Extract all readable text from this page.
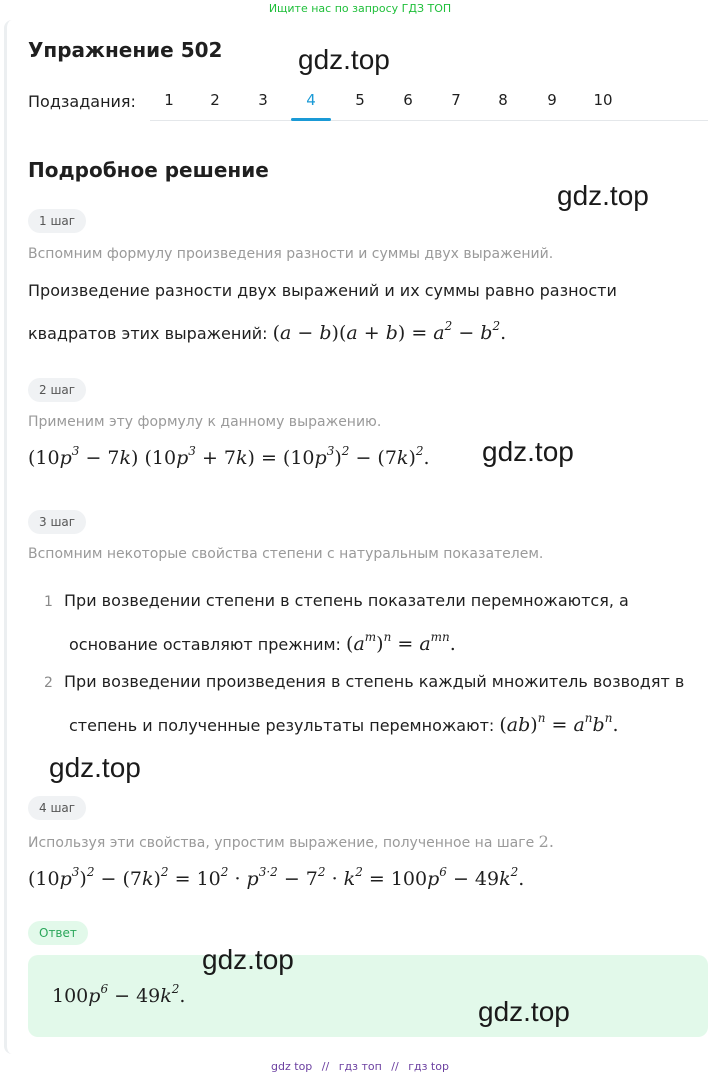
Ищите нас по запросу ГДЗ ТОП
Упражнение 502
Подзадания:	1	2	3	4	5	6	7	8	9	10
Подробное решение
1 шаг
Вспомним формулу произведения разности и суммы двух выражений.
Произведение разности двух выражений и их суммы равно разности
квадратов этих выражений: $(a - b)(a + b) = a^2 - b^2$.
2 шаг
Применим эту формулу к данному выражению.
$(10p^3 - 7k) (10p^3 + 7k) = (10p^3)^2 - (7k)^2$.
3 шаг
Вспомним некоторые свойства степени с натуральным показателем.
1 При возведении степени в степень показатели перемножаются, а
основание оставляют прежним: $(a^m)^n = a^{mn}$.
2 При возведении произведения в степень каждый множитель возводят в
степень и полученные результаты перемножают: $(ab)^n = a^nb^n$.
4 шаг
Используя эти свойства, упростим выражение, полученное на шаге 2.
$(10p^3)^2 - (7k)^2 = 10^2 \cdot p^{3\cdot 2} - 7^2 \cdot k^2 = 100p^6 - 49k^2$.
Ответ
$100p^6 - 49k^2$.
gdz.top
gdz.top
gdz.top
gdz.top
gdz.top
gdz.top
gdz top // гдз топ // гдз top
